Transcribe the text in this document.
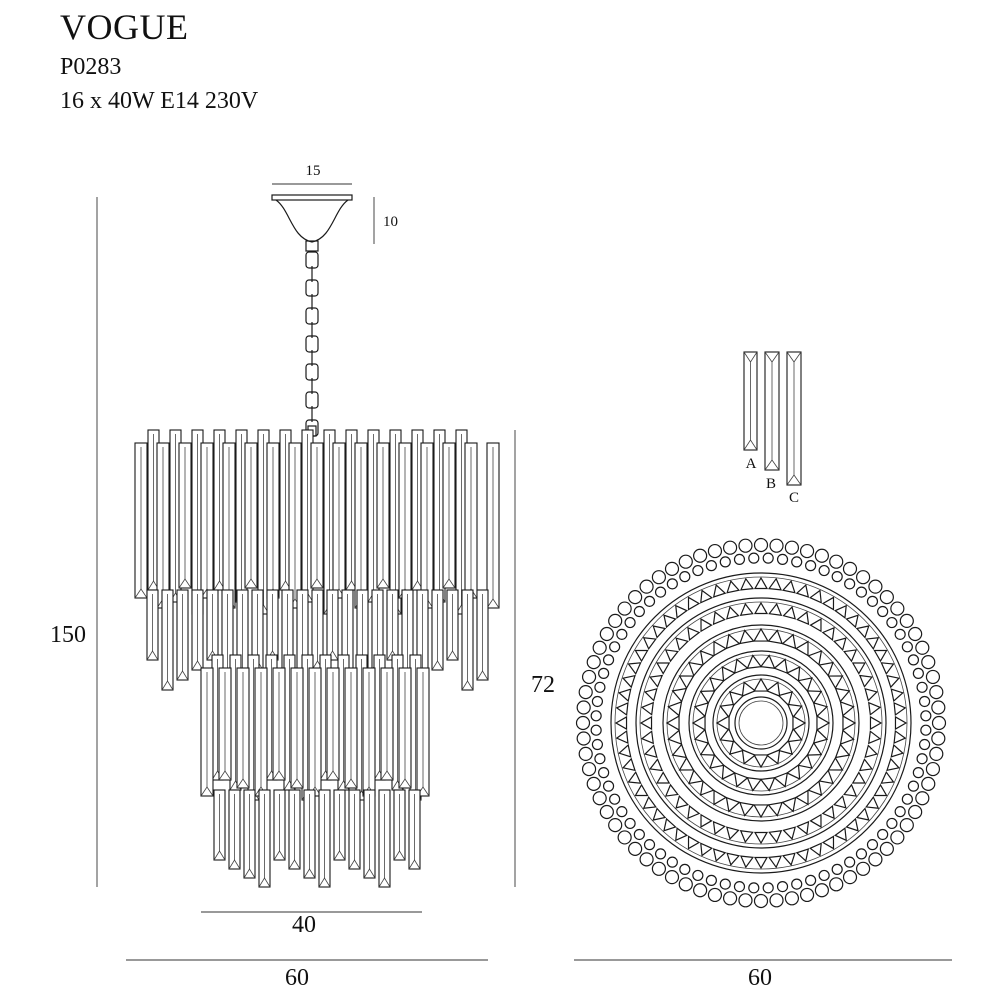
VOGUE
P0283
16 x 40W E14 230V
15
10
150
72
40
60	60
A
B
C
